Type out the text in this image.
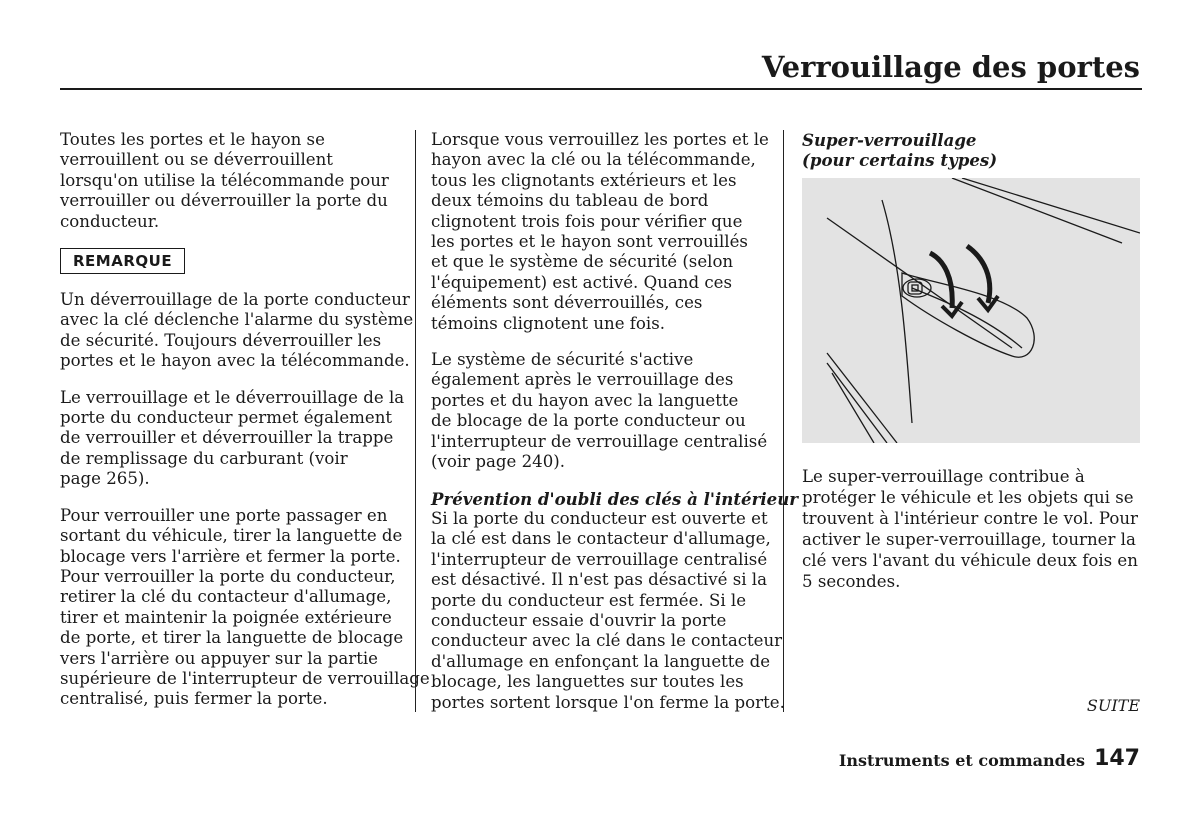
Verrouillage des portes
Toutes les portes et le hayon se
verrouillent ou se déverrouillent
lorsqu'on utilise la télécommande pour
verrouiller ou déverrouiller la porte du
conducteur.
REMARQUE
Un déverrouillage de la porte conducteur
avec la clé déclenche l'alarme du système
de sécurité. Toujours déverrouiller les
portes et le hayon avec la télécommande.
Le verrouillage et le déverrouillage de la
porte du conducteur permet également
de verrouiller et déverrouiller la trappe
de remplissage du carburant (voir
page 265).
Pour verrouiller une porte passager en
sortant du véhicule, tirer la languette de
blocage vers l'arrière et fermer la porte.
Pour verrouiller la porte du conducteur,
retirer la clé du contacteur d'allumage,
tirer et maintenir la poignée extérieure
de porte, et tirer la languette de blocage
vers l'arrière ou appuyer sur la partie
supérieure de l'interrupteur de verrouillage
centralisé, puis fermer la porte.
Lorsque vous verrouillez les portes et le
hayon avec la clé ou la télécommande,
tous les clignotants extérieurs et les
deux témoins du tableau de bord
clignotent trois fois pour vérifier que
les portes et le hayon sont verrouillés
et que le système de sécurité (selon
l'équipement) est activé. Quand ces
éléments sont déverrouillés, ces
témoins clignotent une fois.
Le système de sécurité s'active
également après le verrouillage des
portes et du hayon avec la languette
de blocage de la porte conducteur ou
l'interrupteur de verrouillage centralisé
(voir page 240).
Prévention d'oubli des clés à l'intérieur
Si la porte du conducteur est ouverte et
la clé est dans le contacteur d'allumage,
l'interrupteur de verrouillage centralisé
est désactivé. Il n'est pas désactivé si la
porte du conducteur est fermée. Si le
conducteur essaie d'ouvrir la porte
conducteur avec la clé dans le contacteur
d'allumage en enfonçant la languette de
blocage, les languettes sur toutes les
portes sortent lorsque l'on ferme la porte.
Super-verrouillage
(pour certains types)
Le super-verrouillage contribue à
protéger le véhicule et les objets qui se
trouvent à l'intérieur contre le vol. Pour
activer le super-verrouillage, tourner la
clé vers l'avant du véhicule deux fois en
5 secondes.
SUITE
Instruments et commandes 147
